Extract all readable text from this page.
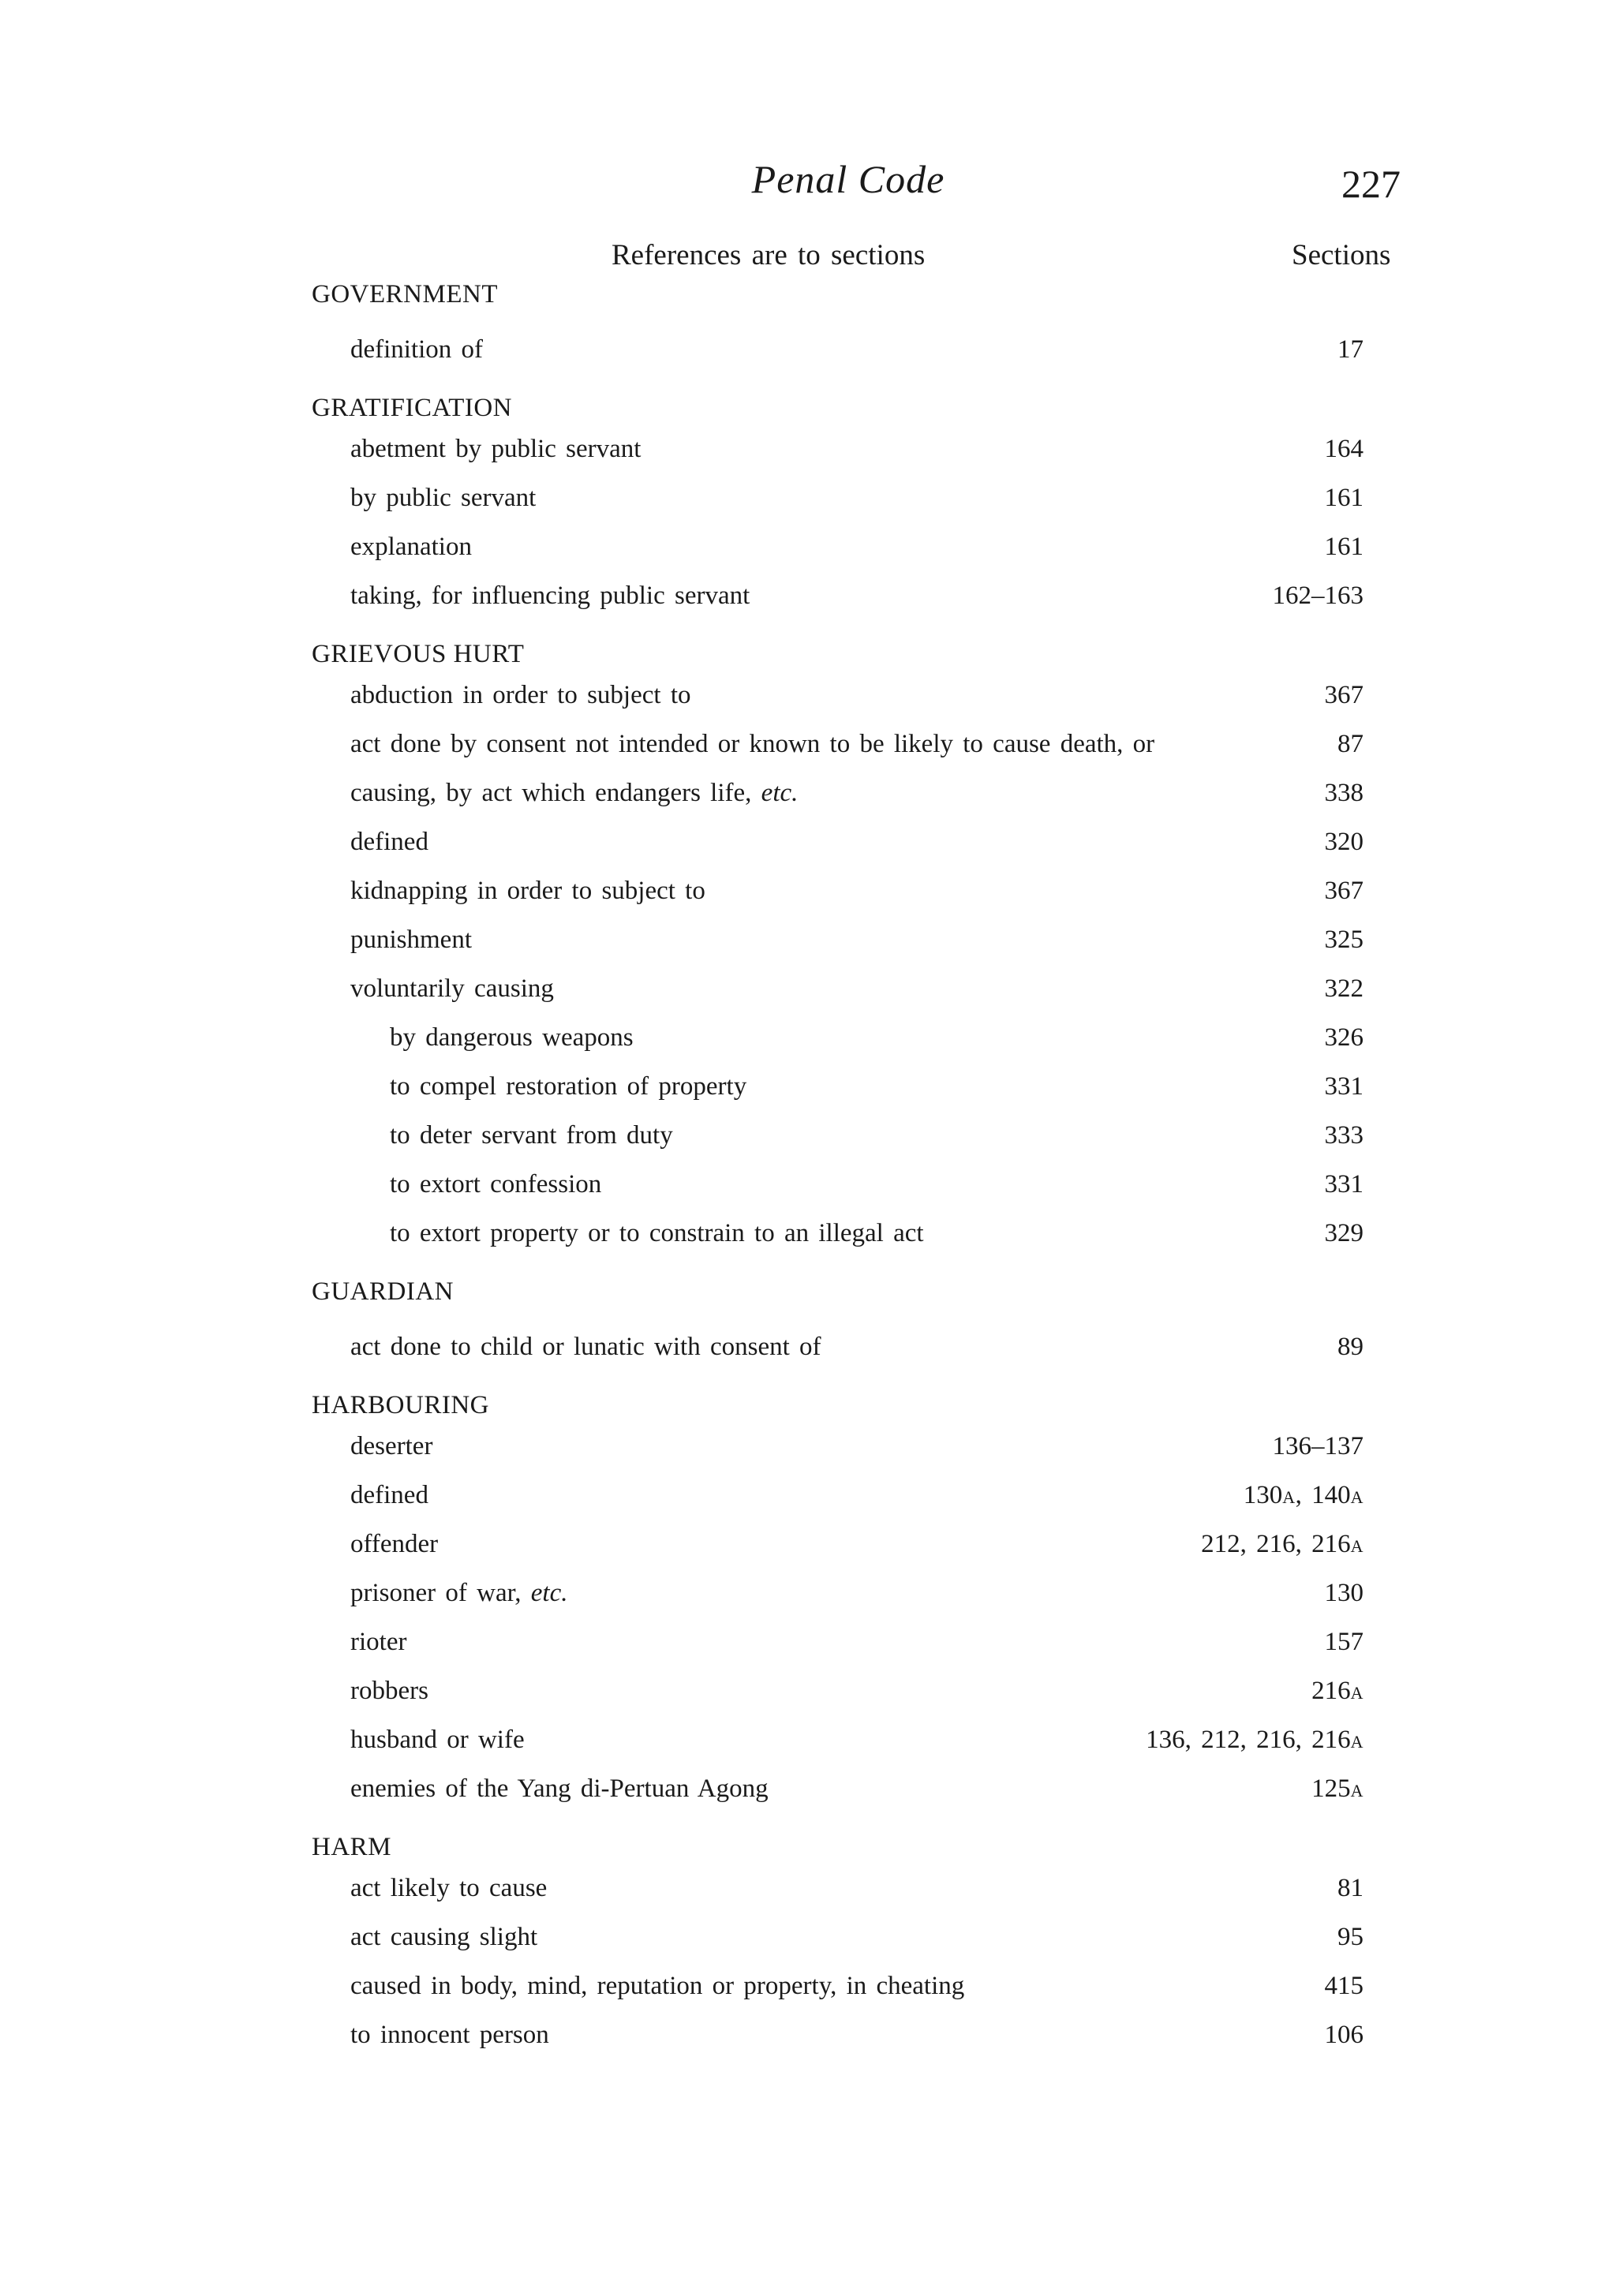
Penal Code	227
References are to sections	Sections
GOVERNMENT
definition of	17
GRATIFICATION
abetment by public servant	164
by public servant	161
explanation	161
taking, for influencing public servant	162–163
GRIEVOUS HURT
abduction in order to subject to	367
act done by consent not intended or known to be likely to cause death, or	87
causing, by act which endangers life, etc.	338
defined	320
kidnapping in order to subject to	367
punishment	325
voluntarily causing	322
by dangerous weapons	326
to compel restoration of property	331
to deter servant from duty	333
to extort confession	331
to extort property or to constrain to an illegal act	329
GUARDIAN
act done to child or lunatic with consent of	89
HARBOURING
deserter	136–137
defined	130A, 140A
offender	212, 216, 216A
prisoner of war, etc.	130
rioter	157
robbers	216A
husband or wife	136, 212, 216, 216A
enemies of the Yang di-Pertuan Agong	125A
HARM
act likely to cause	81
act causing slight	95
caused in body, mind, reputation or property, in cheating	415
to innocent person	106
